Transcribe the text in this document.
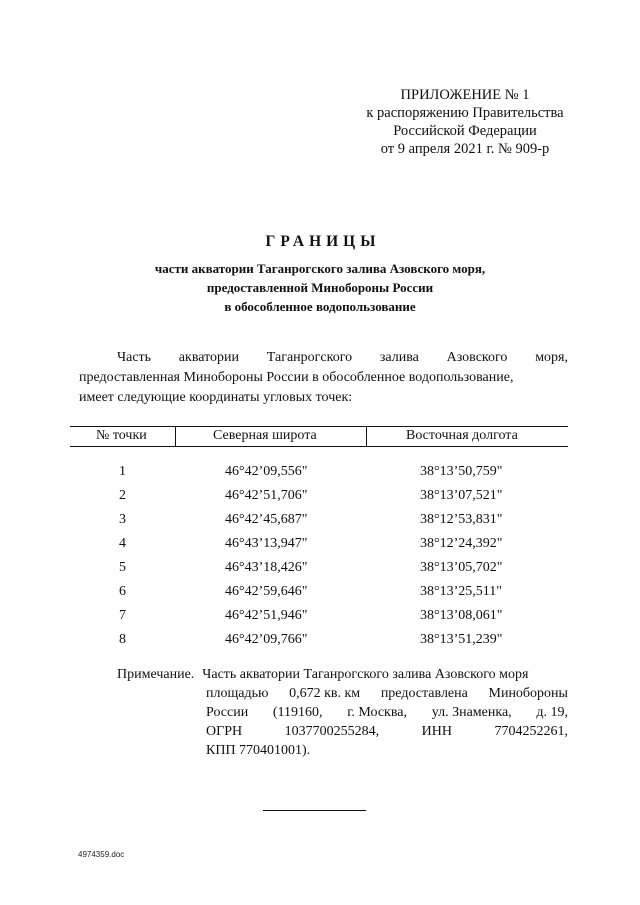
ПРИЛОЖЕНИЕ № 1
к распоряжению Правительства
Российской Федерации
от 9 апреля 2021 г. № 909-р
ГРАНИЦЫ
части акватории Таганрогского залива Азовского моря,
предоставленной Минобороны России
в обособленное водопользование
Часть акватории Таганрогского залива Азовского моря,
предоставленная Минобороны России в обособленное водопользование,
имеет следующие координаты угловых точек:
№ точки	Северная широта	Восточная долгота
1	46°42’09,556"	38°13’50,759"
2	46°42’51,706"	38°13’07,521"
3	46°42’45,687"	38°12’53,831"
4	46°43’13,947"	38°12’24,392"
5	46°43’18,426"	38°13’05,702"
6	46°42’59,646"	38°13’25,511"
7	46°42’51,946"	38°13’08,061"
8	46°42’09,766"	38°13’51,239"
Примечание. Часть акватории Таганрогского залива Азовского моря
площадью 0,672 кв. км предоставлена Минобороны
России (119160, г. Москва, ул. Знаменка, д. 19,
ОГРН	1037700255284,	ИНН	7704252261,
КПП 770401001).
4974359.doc
